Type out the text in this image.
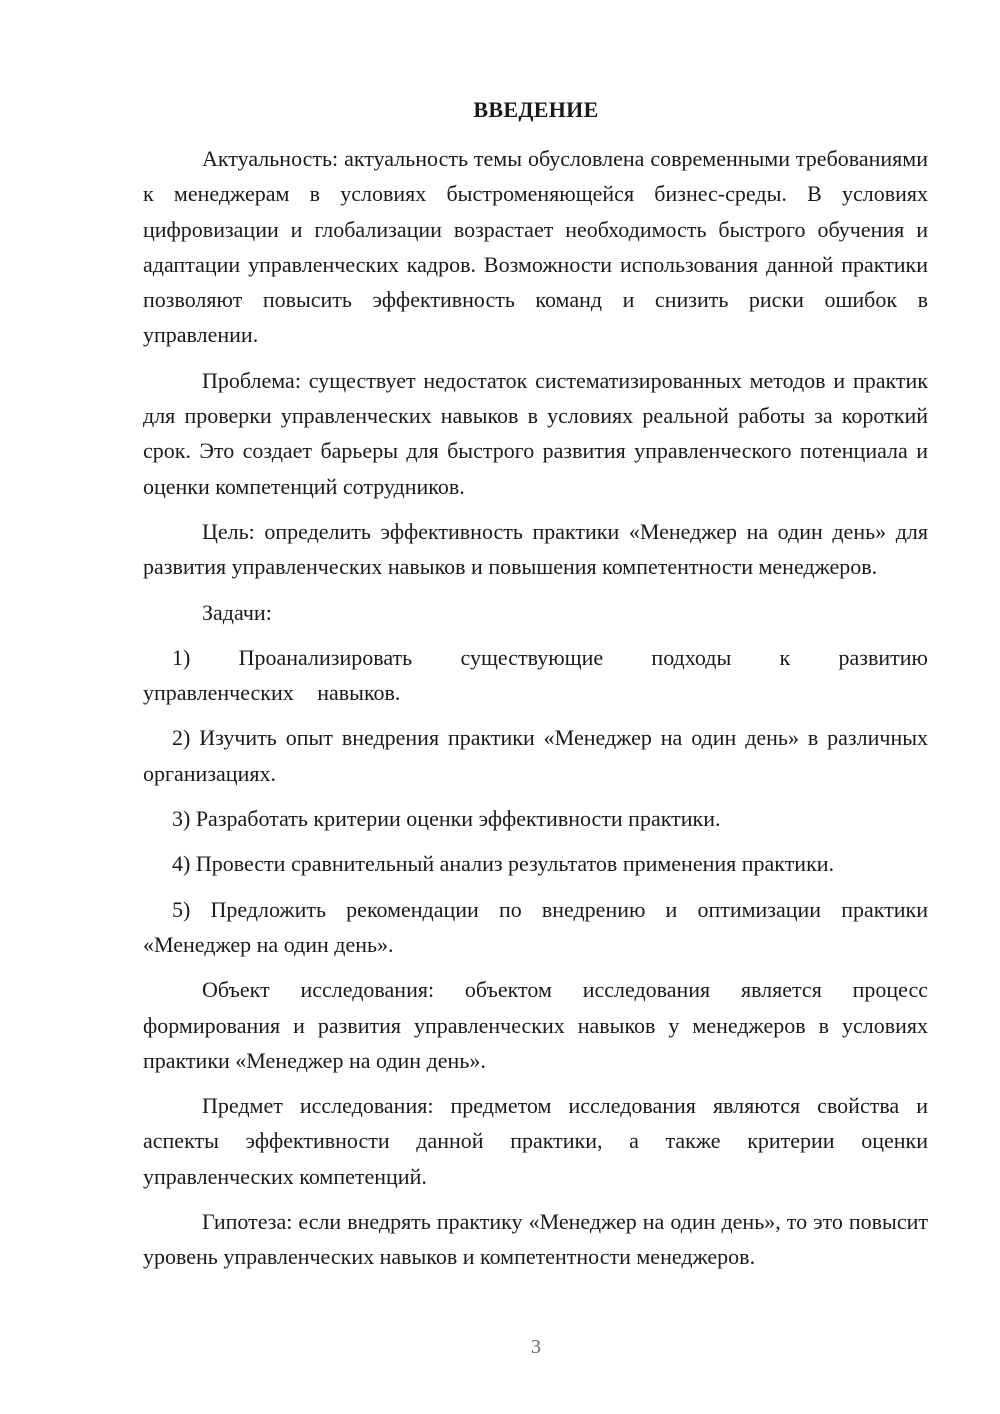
ВВЕДЕНИЕ

Актуальность: актуальность темы обусловлена современными требованиями к менеджерам в условиях быстроменяющейся бизнес-среды. В условиях цифровизации и глобализации возрастает необходимость быстрого обучения и адаптации управленческих кадров. Возможности использования данной практики позволяют повысить эффективность команд и снизить риски ошибок в управлении.

Проблема: существует недостаток систематизированных методов и практик для проверки управленческих навыков в условиях реальной работы за короткий срок. Это создает барьеры для быстрого развития управленческого потенциала и оценки компетенций сотрудников.

Цель: определить эффективность практики «Менеджер на один день» для развития управленческих навыков и повышения компетентности менеджеров.

Задачи:

1) Проанализировать существующие подходы к развитию управленческих навыков.

2) Изучить опыт внедрения практики «Менеджер на один день» в различных организациях.

3) Разработать критерии оценки эффективности практики.

4) Провести сравнительный анализ результатов применения практики.

5) Предложить рекомендации по внедрению и оптимизации практики «Менеджер на один день».

Объект исследования: объектом исследования является процесс формирования и развития управленческих навыков у менеджеров в условиях практики «Менеджер на один день».

Предмет исследования: предметом исследования являются свойства и аспекты эффективности данной практики, а также критерии оценки управленческих компетенций.

Гипотеза: если внедрять практику «Менеджер на один день», то это повысит уровень управленческих навыков и компетентности менеджеров.

3
